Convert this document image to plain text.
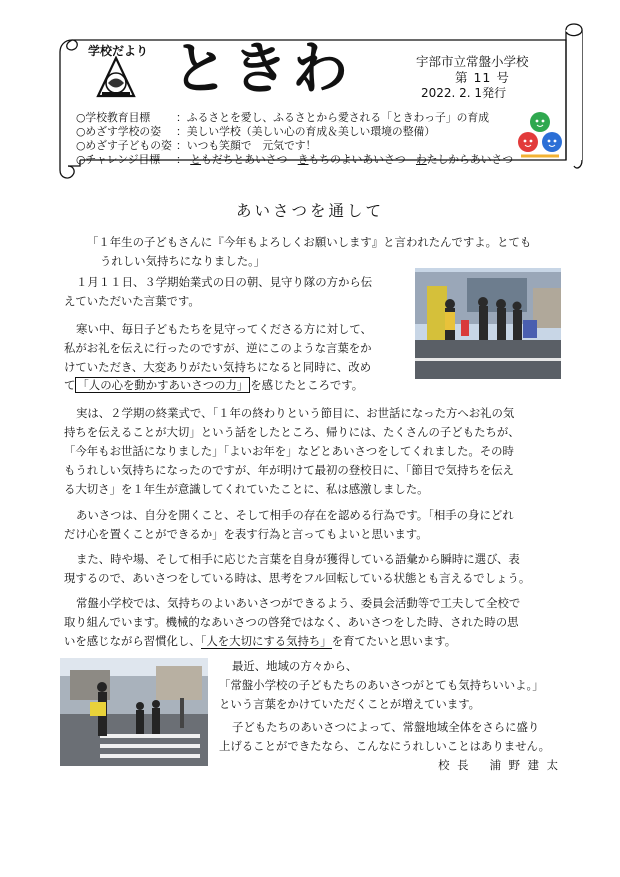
学校だより ときわ	宇部市立常盤小学校
第 11 号
2022. 2. 1発行
○学校教育目標 ：ふるさとを愛し、ふるさとから愛される「ときわっ子」の育成
○めざす学校の姿 ：美しい学校（美しい心の育成＆美しい環境の整備）
○めざす子どもの姿 ：いつも笑顔で　元気です！
○チャレンジ目標 ： ともだちとあいさつ きもちのよいあいさつ わたしからあいさつ
あいさつを通して
「１年生の子どもさんに『今年もよろしくお願いします』と言われたんですよ。とても
うれしい気持ちになりました。」
１月１１日、３学期始業式の日の朝、見守り隊の方から伝
えていただいた言葉です。
寒い中、毎日子どもたちを見守ってくださる方に対して、
私がお礼を伝えに行ったのですが、逆にこのような言葉をか
けていただき、大変ありがたい気持ちになると同時に、改め
て 「人の心を動かすあいさつの力」 を感じたところです。
実は、２学期の終業式で、「１年の終わりという節目に、お世話になった方へお礼の気
持ちを伝えることが大切」という話をしたところ、帰りには、たくさんの子どもたちが、
「今年もお世話になりました」「よいお年を」などとあいさつをしてくれました。その時
もうれしい気持ちになったのですが、年が明けて最初の登校日に、「節目で気持ちを伝え
る大切さ」を１年生が意識してくれていたことに、私は感激しました。
あいさつは、自分を開くこと、そして相手の存在を認める行為です。「相手の身にどれ
だけ心を置くことができるか」を表す行為と言ってもよいと思います。
また、時や場、そして相手に応じた言葉を自身が獲得している語彙から瞬時に選び、表
現するので、あいさつをしている時は、思考をフル回転している状態とも言えるでしょう。
常盤小学校では、気持ちのよいあいさつができるよう、委員会活動等で工夫して全校で
取り組んでいます。機械的なあいさつの啓発ではなく、あいさつをした時、された時の思
いを感じながら習慣化し、「人を大切にする気持ち」を育てたいと思います。
最近、地域の方々から、
「常盤小学校の子どもたちのあいさつがとても気持ちいいよ。」
という言葉をかけていただくことが増えています。
子どもたちのあいさつによって、常盤地域全体をさらに盛り
上げることができたなら、こんなにうれしいことはありません。
校 長　 浦 野 建 太
